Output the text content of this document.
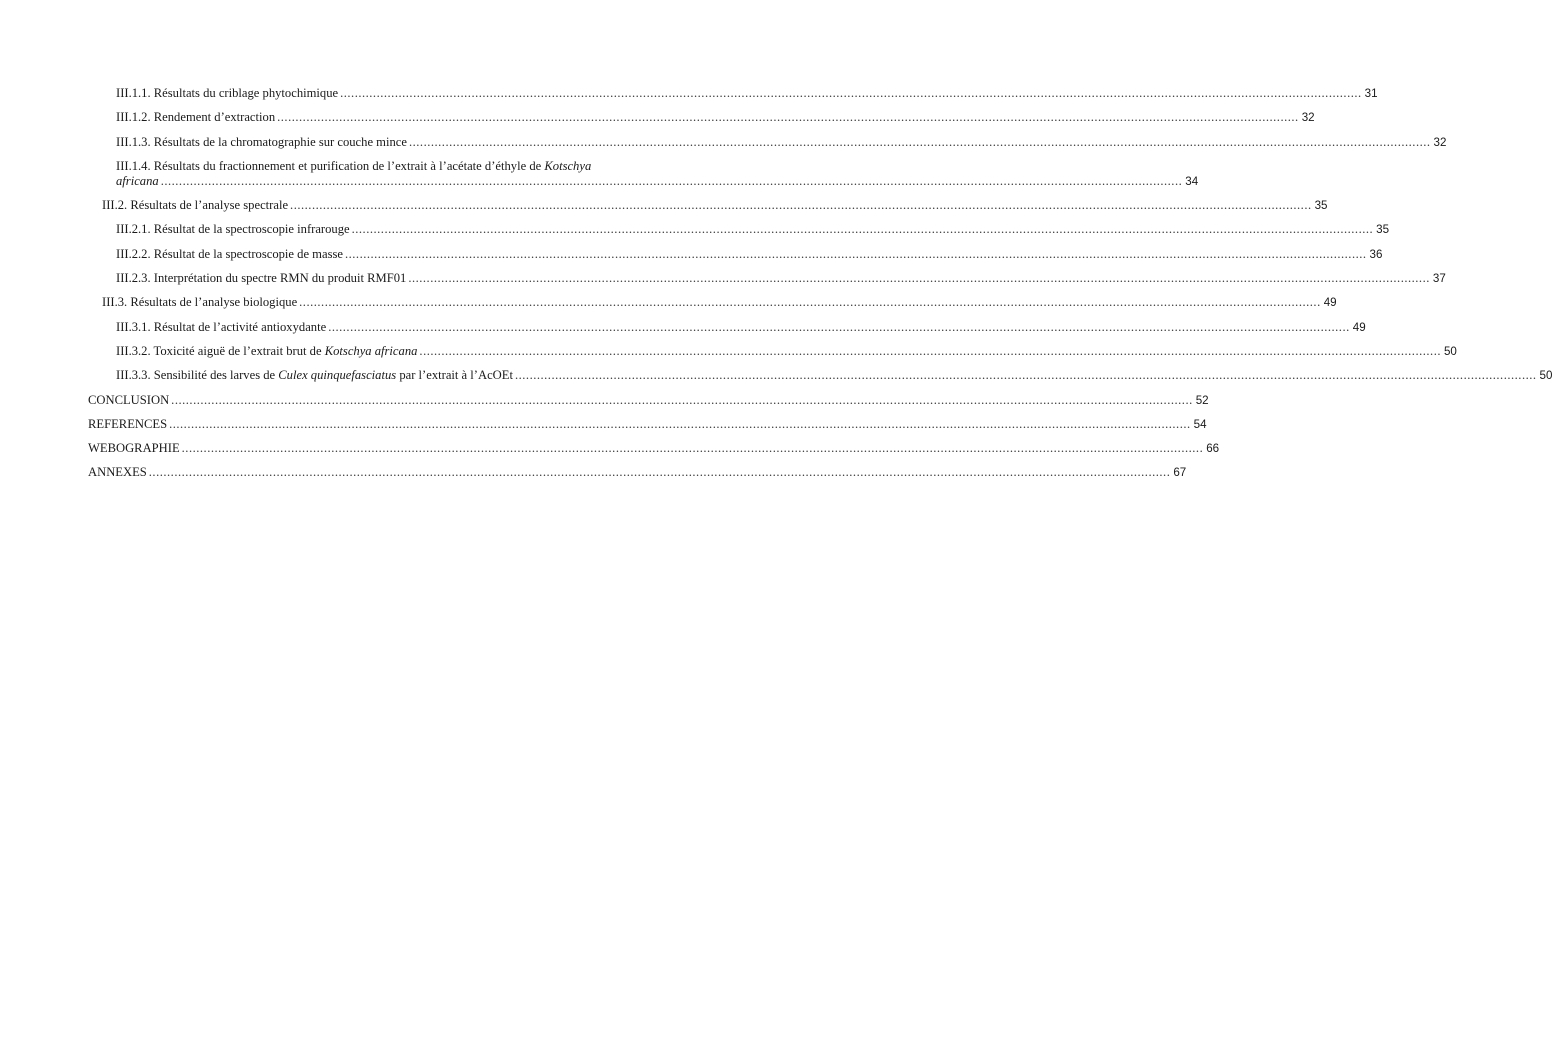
III.1.1. Résultats du criblage phytochimique .....	31
III.1.2. Rendement d’extraction .....	32
III.1.3. Résultats de la chromatographie sur couche mince .....	32
III.1.4. Résultats du fractionnement et purification de l’extrait à l’acétate d’éthyle de Kotschya
africana .....	34
III.2. Résultats de l’analyse spectrale .....	35
III.2.1. Résultat de la spectroscopie infrarouge .....	35
III.2.2. Résultat de la spectroscopie de masse .....	36
III.2.3. Interprétation du spectre RMN du produit RMF01 .....	37
III.3. Résultats de l’analyse biologique .....	49
III.3.1. Résultat de l’activité antioxydante .....	49
III.3.2. Toxicité aiguë de l’extrait brut de Kotschya africana .....	50
III.3.3. Sensibilité des larves de Culex quinquefasciatus par l’extrait à l’AcOEt .....	50
CONCLUSION .....	52
REFERENCES .....	54
WEBOGRAPHIE .....	66
ANNEXES .....	67
